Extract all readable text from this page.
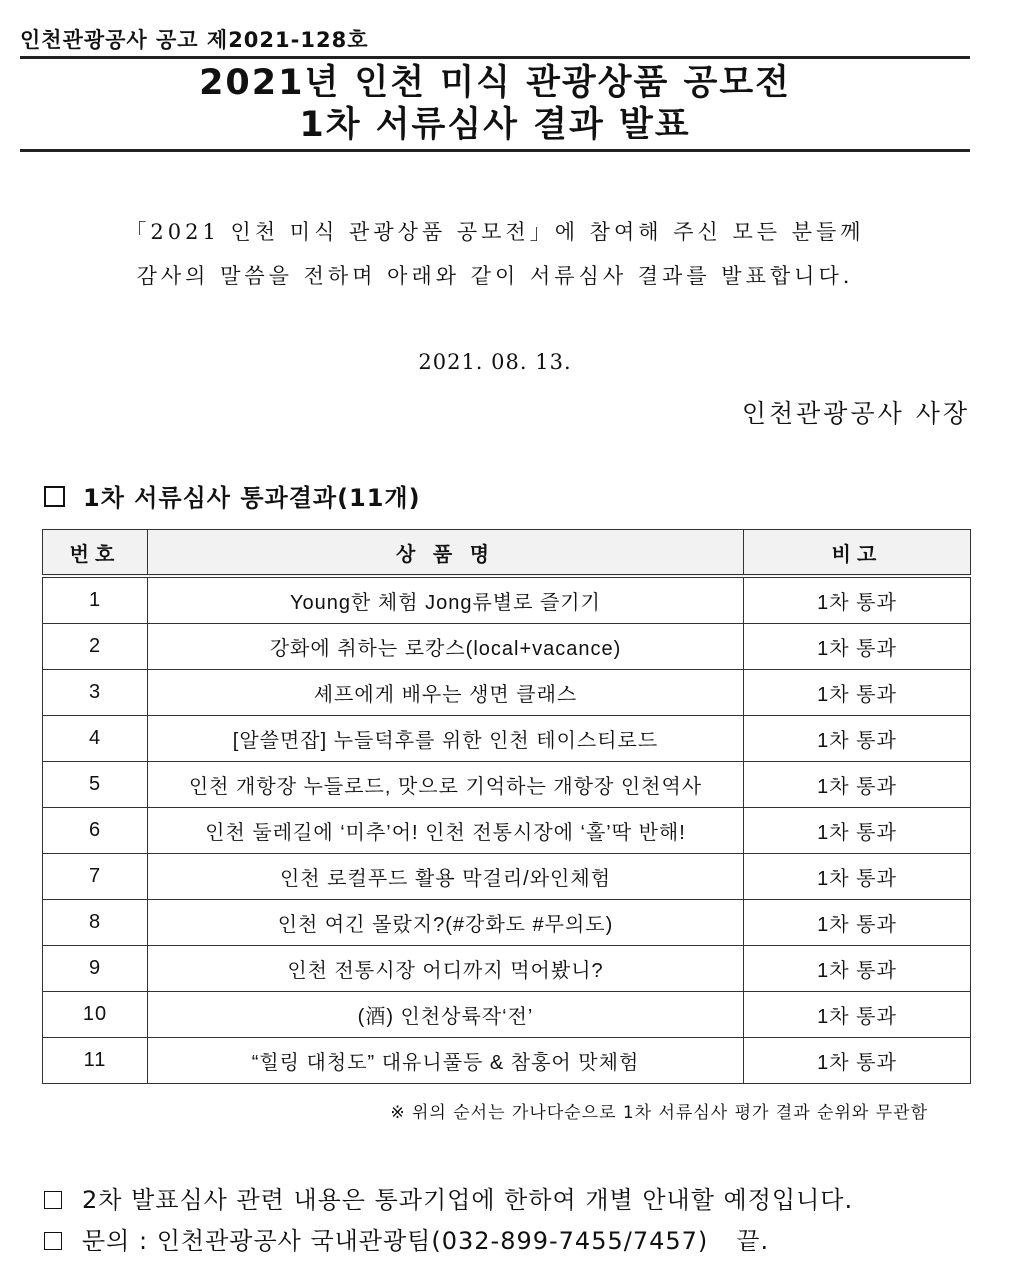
인천관광공사 공고 제2021-128호
2021년 인천 미식 관광상품 공모전
1차 서류심사 결과 발표
「2021 인천 미식 관광상품 공모전」에 참여해 주신 모든 분들께
감사의 말씀을 전하며 아래와 같이 서류심사 결과를 발표합니다.
2021. 08. 13.
인천관광공사 사장
1차 서류심사 통과결과(11개)
번호	상 품 명	비고
1	Young한 체험 Jong류별로 즐기기	1차 통과
2	강화에 취하는 로캉스(local+vacance)	1차 통과
3	셰프에게 배우는 생면 클래스	1차 통과
4	[알쓸면잡] 누들덕후를 위한 인천 테이스티로드	1차 통과
5	인천 개항장 누들로드, 맛으로 기억하는 개항장 인천역사	1차 통과
6	인천 둘레길에 ‘미추’어! 인천 전통시장에 ‘홀’딱 반해!	1차 통과
7	인천 로컬푸드 활용 막걸리/와인체험	1차 통과
8	인천 여긴 몰랐지?(#강화도 #무의도)	1차 통과
9	인천 전통시장 어디까지 먹어봤니?	1차 통과
10	(酒) 인천상륙작‘전’	1차 통과
11	“힐링 대청도” 대유니풀등 & 참홍어 맛체험	1차 통과
※ 위의 순서는 가나다순으로 1차 서류심사 평가 결과 순위와 무관함
2차 발표심사 관련 내용은 통과기업에 한하여 개별 안내할 예정입니다.
문의 : 인천관광공사 국내관광팀(032-899-7455/7457) 끝.
